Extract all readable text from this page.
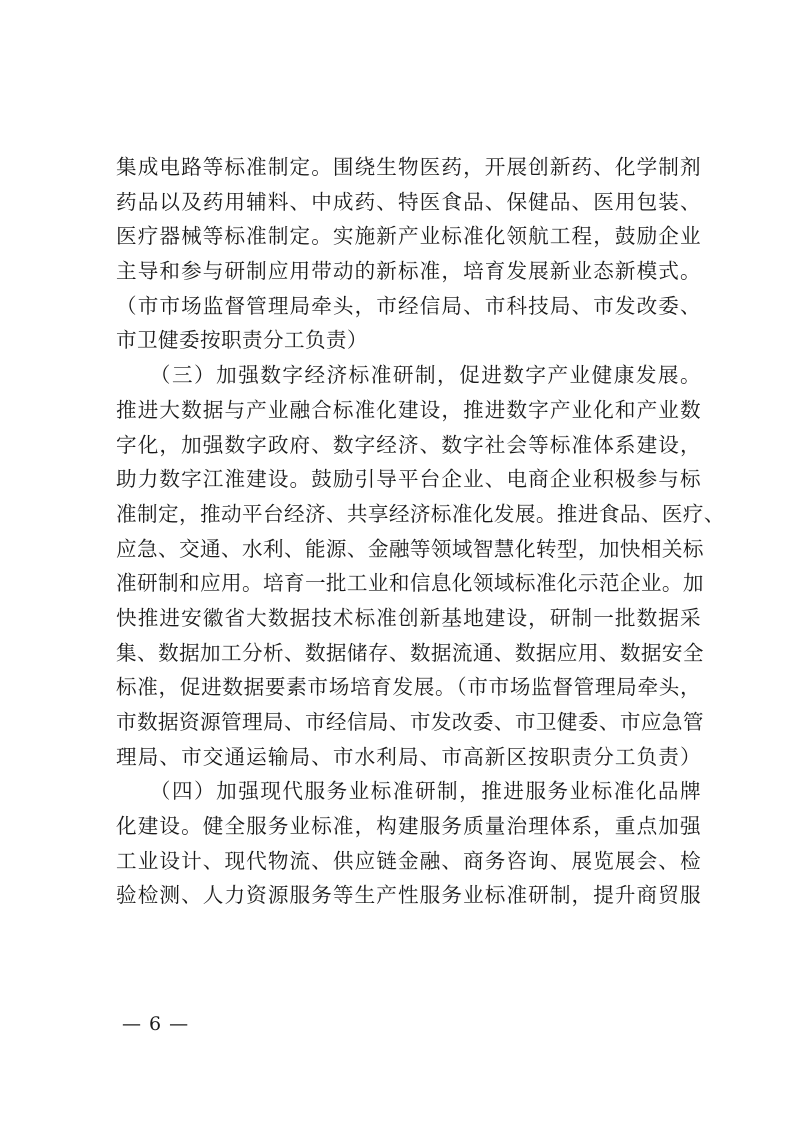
集成电路等标准制定。围绕生物医药，开展创新药、化学制剂
药品以及药用辅料、中成药、特医食品、保健品、医用包装、
医疗器械等标准制定。实施新产业标准化领航工程，鼓励企业
主导和参与研制应用带动的新标准，培育发展新业态新模式。
（市市场监督管理局牵头，市经信局、市科技局、市发改委、
市卫健委按职责分工负责）
　　（三）加强数字经济标准研制，促进数字产业健康发展。
推进大数据与产业融合标准化建设，推进数字产业化和产业数
字化，加强数字政府、数字经济、数字社会等标准体系建设，
助力数字江淮建设。鼓励引导平台企业、电商企业积极参与标
准制定，推动平台经济、共享经济标准化发展。推进食品、医疗、
应急、交通、水利、能源、金融等领域智慧化转型，加快相关标
准研制和应用。培育一批工业和信息化领域标准化示范企业。加
快推进安徽省大数据技术标准创新基地建设，研制一批数据采
集、数据加工分析、数据储存、数据流通、数据应用、数据安全
标准，促进数据要素市场培育发展。（市市场监督管理局牵头，
市数据资源管理局、市经信局、市发改委、市卫健委、市应急管
理局、市交通运输局、市水利局、市高新区按职责分工负责）
　　（四）加强现代服务业标准研制，推进服务业标准化品牌
化建设。健全服务业标准，构建服务质量治理体系，重点加强
工业设计、现代物流、供应链金融、商务咨询、展览展会、检
验检测、人力资源服务等生产性服务业标准研制，提升商贸服
— 6 —
